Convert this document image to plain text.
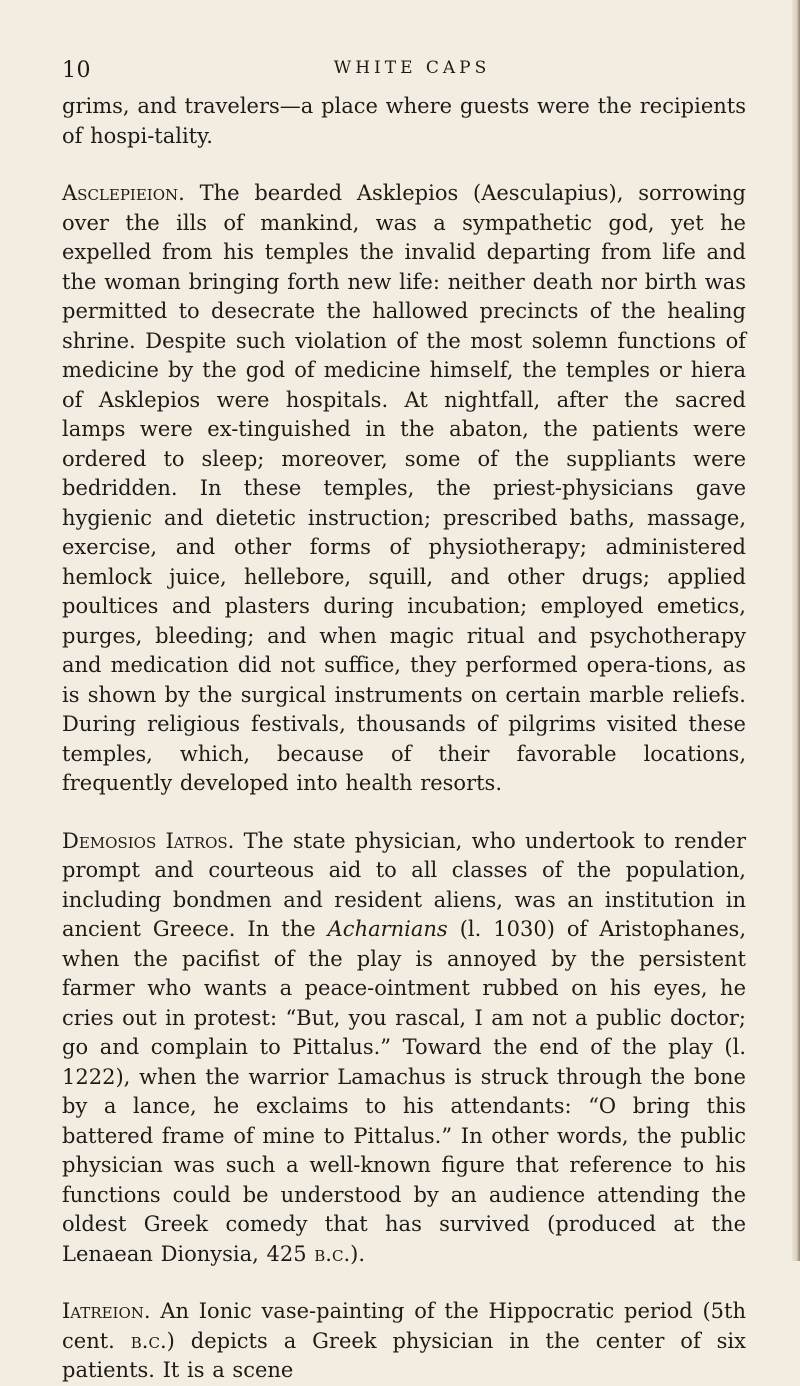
10	WHITE CAPS

grims, and travelers—a place where guests were the recipients of hospi-tality.

Asclepieion. The bearded Asklepios (Aesculapius), sorrowing over the ills of mankind, was a sympathetic god, yet he expelled from his temples the invalid departing from life and the woman bringing forth new life: neither death nor birth was permitted to desecrate the hallowed precincts of the healing shrine. Despite such violation of the most solemn functions of medicine by the god of medicine himself, the temples or hiera of Asklepios were hospitals. At nightfall, after the sacred lamps were ex-tinguished in the abaton, the patients were ordered to sleep; moreover, some of the suppliants were bedridden. In these temples, the priest-physicians gave hygienic and dietetic instruction; prescribed baths, massage, exercise, and other forms of physiotherapy; administered hemlock juice, hellebore, squill, and other drugs; applied poultices and plasters during incubation; employed emetics, purges, bleeding; and when magic ritual and psychotherapy and medication did not suffice, they performed opera-tions, as is shown by the surgical instruments on certain marble reliefs. During religious festivals, thousands of pilgrims visited these temples, which, because of their favorable locations, frequently developed into health resorts.

Demosios Iatros. The state physician, who undertook to render prompt and courteous aid to all classes of the population, including bondmen and resident aliens, was an institution in ancient Greece. In the Acharnians (l. 1030) of Aristophanes, when the pacifist of the play is annoyed by the persistent farmer who wants a peace-ointment rubbed on his eyes, he cries out in protest: “But, you rascal, I am not a public doctor; go and complain to Pittalus.” Toward the end of the play (l. 1222), when the warrior Lamachus is struck through the bone by a lance, he exclaims to his attendants: “O bring this battered frame of mine to Pittalus.” In other words, the public physician was such a well-known figure that reference to his functions could be understood by an audience attending the oldest Greek comedy that has survived (produced at the Lenaean Dionysia, 425 b.c.).

Iatreion. An Ionic vase-painting of the Hippocratic period (5th cent. b.c.) depicts a Greek physician in the center of six patients. It is a scene
